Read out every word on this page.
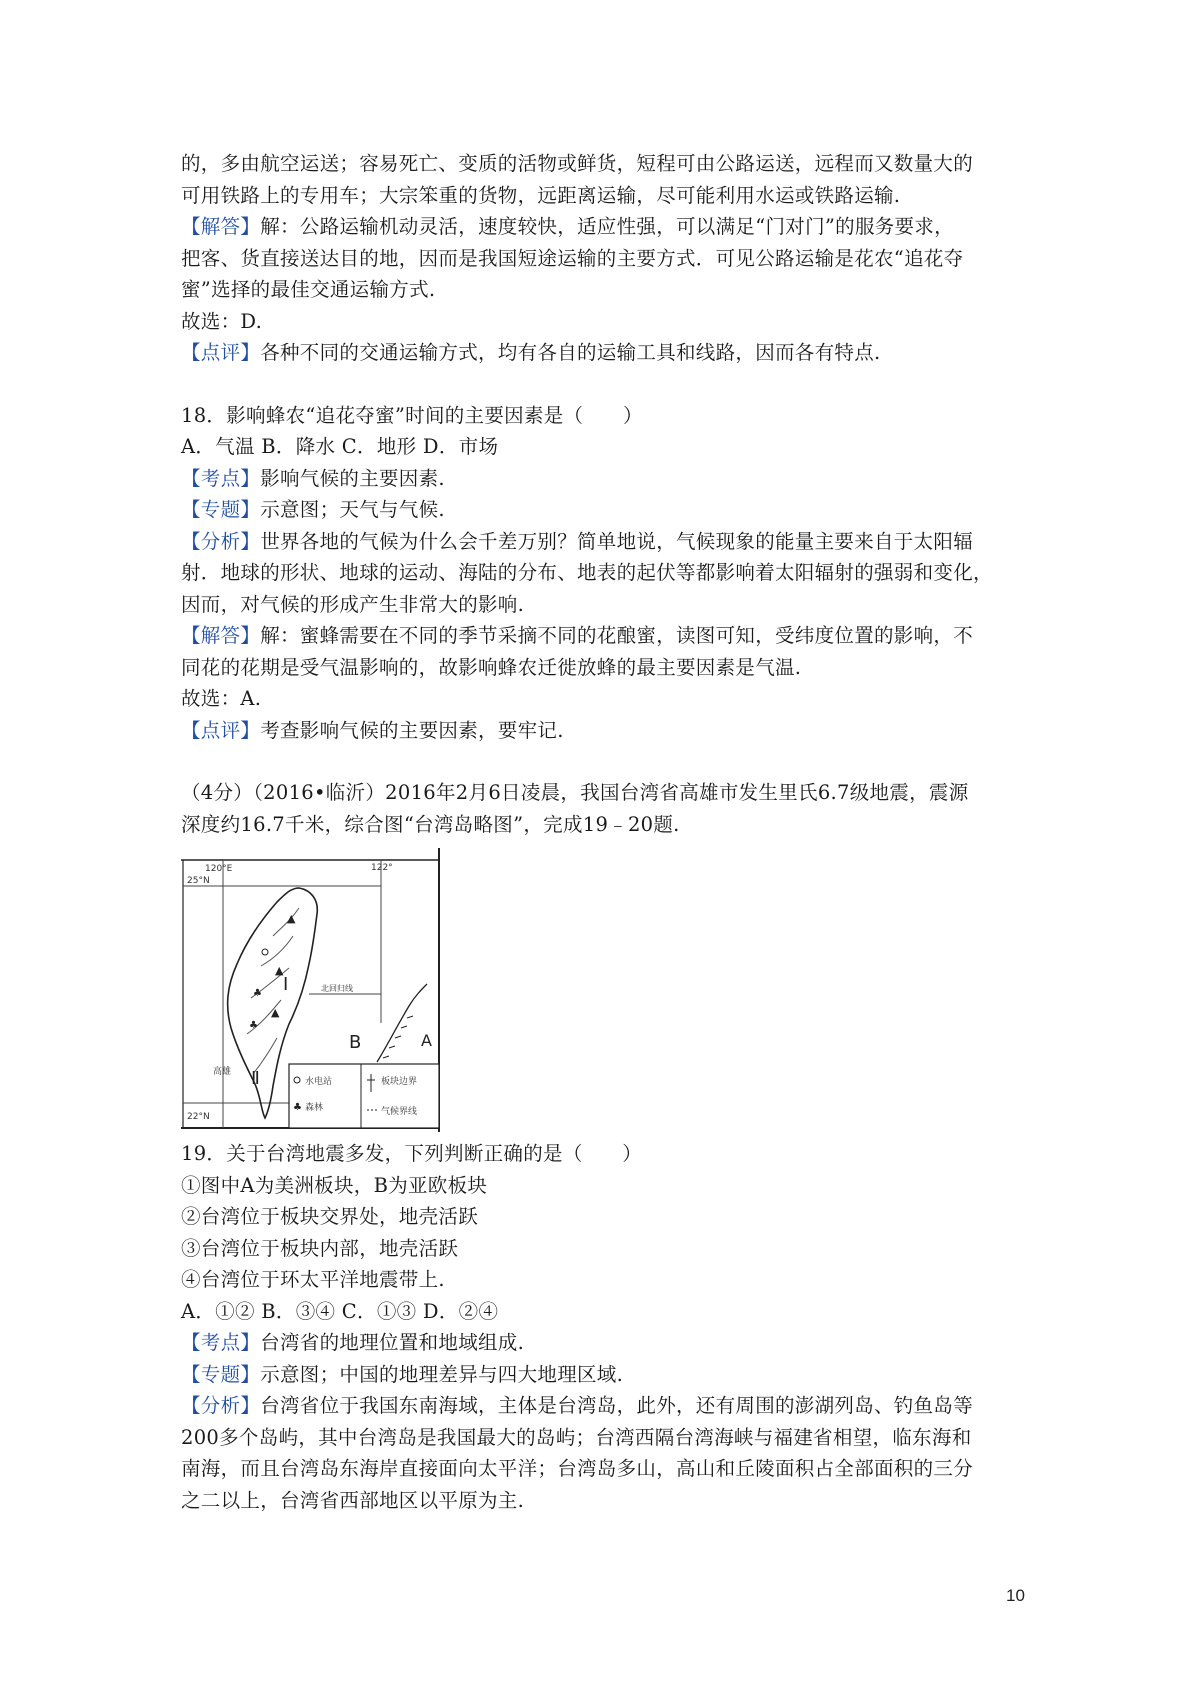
的，多由航空运送；容易死亡、变质的活物或鲜货，短程可由公路运送，远程而又数量大的
可用铁路上的专用车；大宗笨重的货物，远距离运输，尽可能利用水运或铁路运输.
【解答】解：公路运输机动灵活，速度较快，适应性强，可以满足“门对门”的服务要求，
把客、货直接送达目的地，因而是我国短途运输的主要方式．可见公路运输是花农“追花夺
蜜”选择的最佳交通运输方式.
故选：D.
【点评】各种不同的交通运输方式，均有各自的运输工具和线路，因而各有特点.
18．影响蜂农“追花夺蜜”时间的主要因素是（　　）
A．气温 B．降水 C．地形 D．市场
【考点】影响气候的主要因素.
【专题】示意图；天气与气候.
【分析】世界各地的气候为什么会千差万别？简单地说，气候现象的能量主要来自于太阳辐
射．地球的形状、地球的运动、海陆的分布、地表的起伏等都影响着太阳辐射的强弱和变化，
因而，对气候的形成产生非常大的影响.
【解答】解：蜜蜂需要在不同的季节采摘不同的花酿蜜，读图可知，受纬度位置的影响，不
同花的花期是受气温影响的，故影响蜂农迁徙放蜂的最主要因素是气温.
故选：A.
【点评】考查影响气候的主要因素，要牢记.
（4分）（2016•临沂）2016年2月6日凌晨，我国台湾省高雄市发生里氏6.7级地震，震源
深度约16.7千米，综合图“台湾岛略图”，完成19﹣20题.
120°E	122°
25°N
22°N
▲
▲
▲
♣
♣
Ⅰ
Ⅱ
高雄
北回归线
B	A
水电站
♣ 森林
板块边界
气候界线
19．关于台湾地震多发，下列判断正确的是（　　）
①图中A为美洲板块，B为亚欧板块
②台湾位于板块交界处，地壳活跃
③台湾位于板块内部，地壳活跃
④台湾位于环太平洋地震带上.
A．①② B．③④ C．①③ D．②④
【考点】台湾省的地理位置和地域组成.
【专题】示意图；中国的地理差异与四大地理区域.
【分析】台湾省位于我国东南海域，主体是台湾岛，此外，还有周围的澎湖列岛、钓鱼岛等
200多个岛屿，其中台湾岛是我国最大的岛屿；台湾西隔台湾海峡与福建省相望，临东海和
南海，而且台湾岛东海岸直接面向太平洋；台湾岛多山，高山和丘陵面积占全部面积的三分
之二以上，台湾省西部地区以平原为主.
10
